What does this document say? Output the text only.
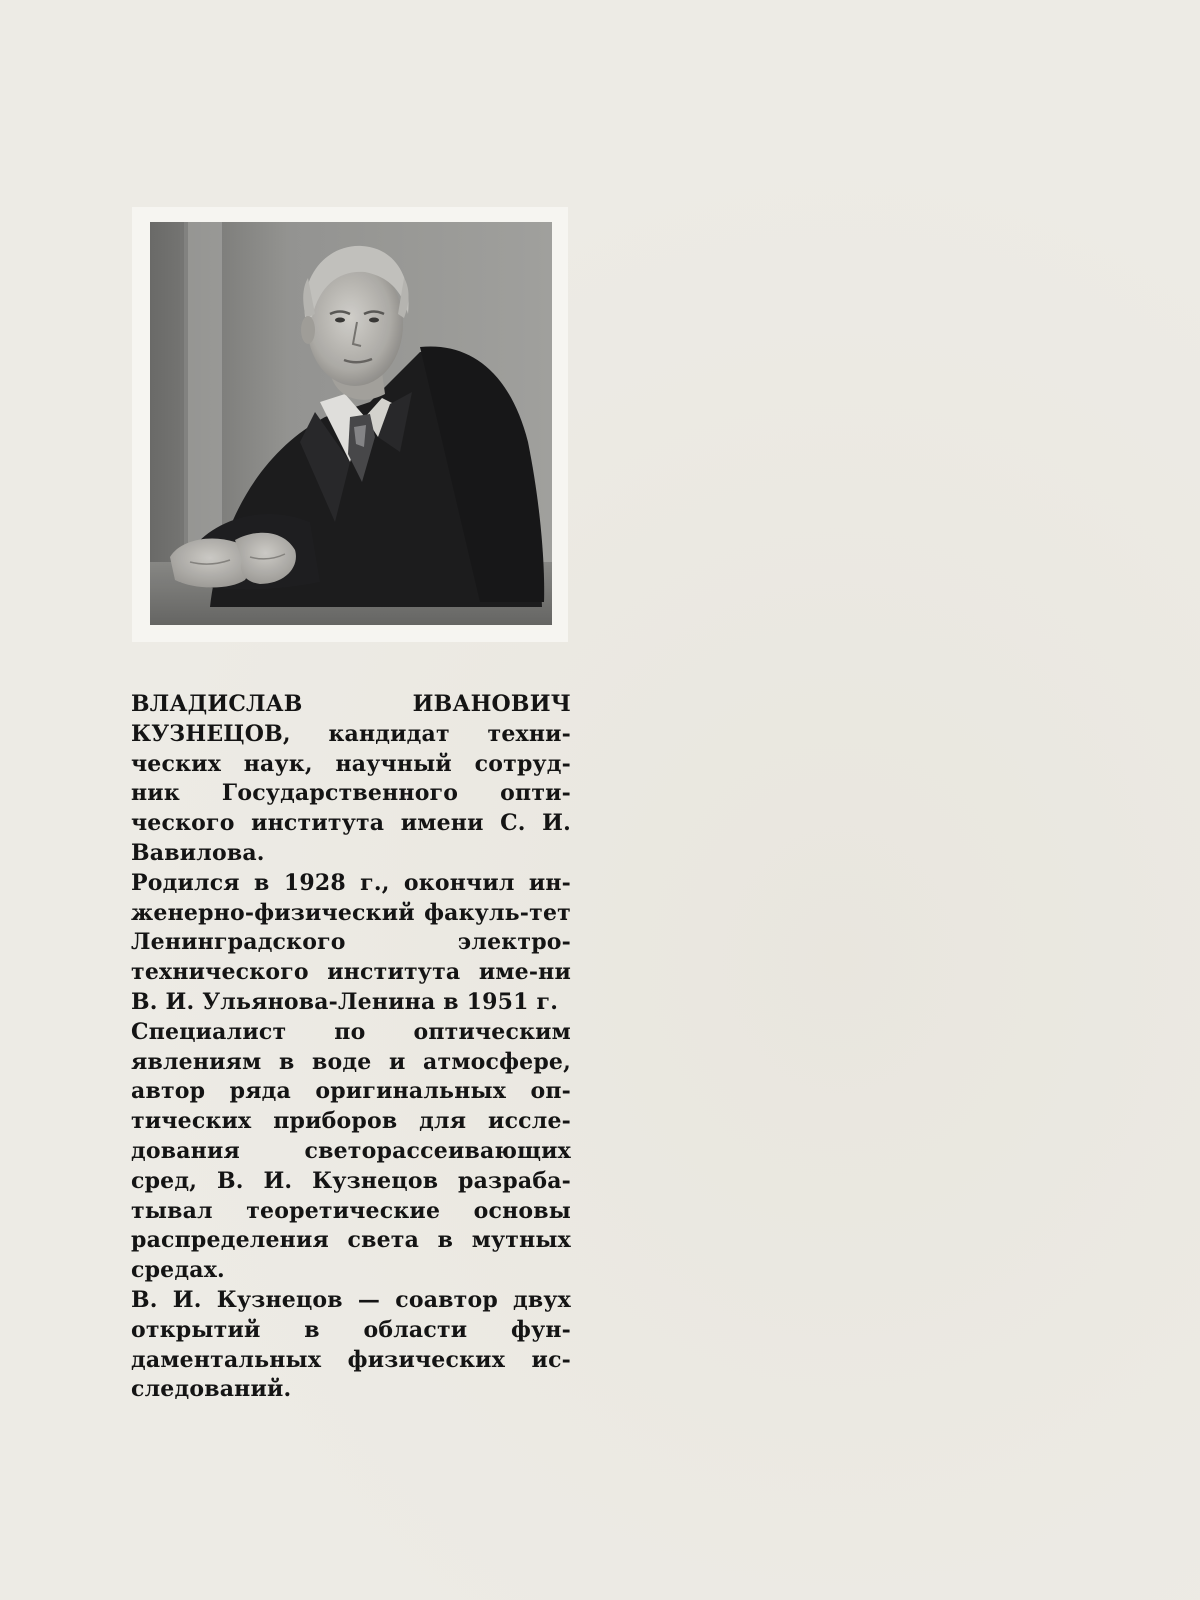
ВЛАДИСЛАВ ИВАНОВИЧ КУЗНЕЦОВ, кандидат техни-ческих наук, научный сотруд-ник Государственного опти-ческого института имени С. И. Вавилова.

Родился в 1928 г., окончил ин-женерно-физический факуль-тет Ленинградского электро-технического института име-ни В. И. Ульянова-Ленина в 1951 г.

Специалист по оптическим явлениям в воде и атмосфере, автор ряда оригинальных оп-тических приборов для иссле-дования светорассеивающих сред, В. И. Кузнецов разраба-тывал теоретические основы распределения света в мутных средах.

В. И. Кузнецов — соавтор двух открытий в области фун-даментальных физических ис-следований.
